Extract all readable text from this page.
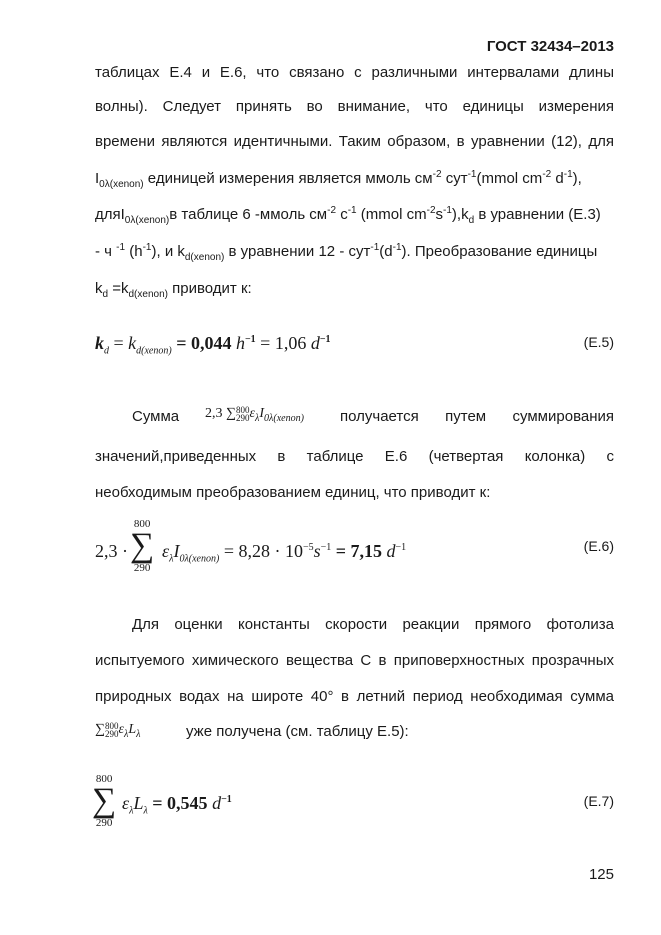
ГОСТ 32434–2013
таблицах Е.4 и Е.6, что связано с различными интервалами длины
волны). Следует принять во внимание, что единицы измерения
времени являются идентичными. Таким образом, в уравнении (12), для
$I_{0\lambda(xenon)}$ единицей измерения является ммоль $см^{-2}$ сут$^{-1}$(mmol $cm^{-2}$ $d^{-1}$),
дляI$_{0\lambda(xenon)}$в таблице 6 -ммоль $см^{-2}$ $с^{-1}$ (mmol $cm^{-2}s^{-1}),k_d$ в уравнении (Е.3)
- ч $^{-1}$ $(h^{-1})$, и $k_{d(xenon)}$ в уравнении $12 - сут^{-1}(d^{-1})$. Преобразование единицы
$k_d =k_{d(xenon)}$ приводит к:
$k_d = k_{d(xenon)} = 0,044$ $h^{-1} = 1,06$ $d^{-1}$	(Е.5)
Сумма 2,3 ∑ 800
290 $\varepsilon_\lambda I_{0\lambda(xenon)}$ получается путем суммирования
значений,приведенных в таблице Е.6 (четвертая колонка) с
необходимым преобразованием единиц, что приводит к:
2,3 ·
800
∑
290
$\varepsilon_\lambda I_{0\lambda(xenon)} = 8,28 \cdot 10^{-5}s^{-1} = 7,15$ $d^{-1}$	(Е.6)
Для оценки константы скорости реакции прямого фотолиза
испытуемого химического вещества С в приповерхностных прозрачных
природных водах на широте 40° в летний период необходимая сумма
∑ 800
290 $\varepsilon_\lambda L_\lambda$	уже получена (см. таблицу Е.5):
800
∑
290
$\varepsilon_\lambda L_\lambda = 0,545$ $d^{-1}$	(Е.7)
125
